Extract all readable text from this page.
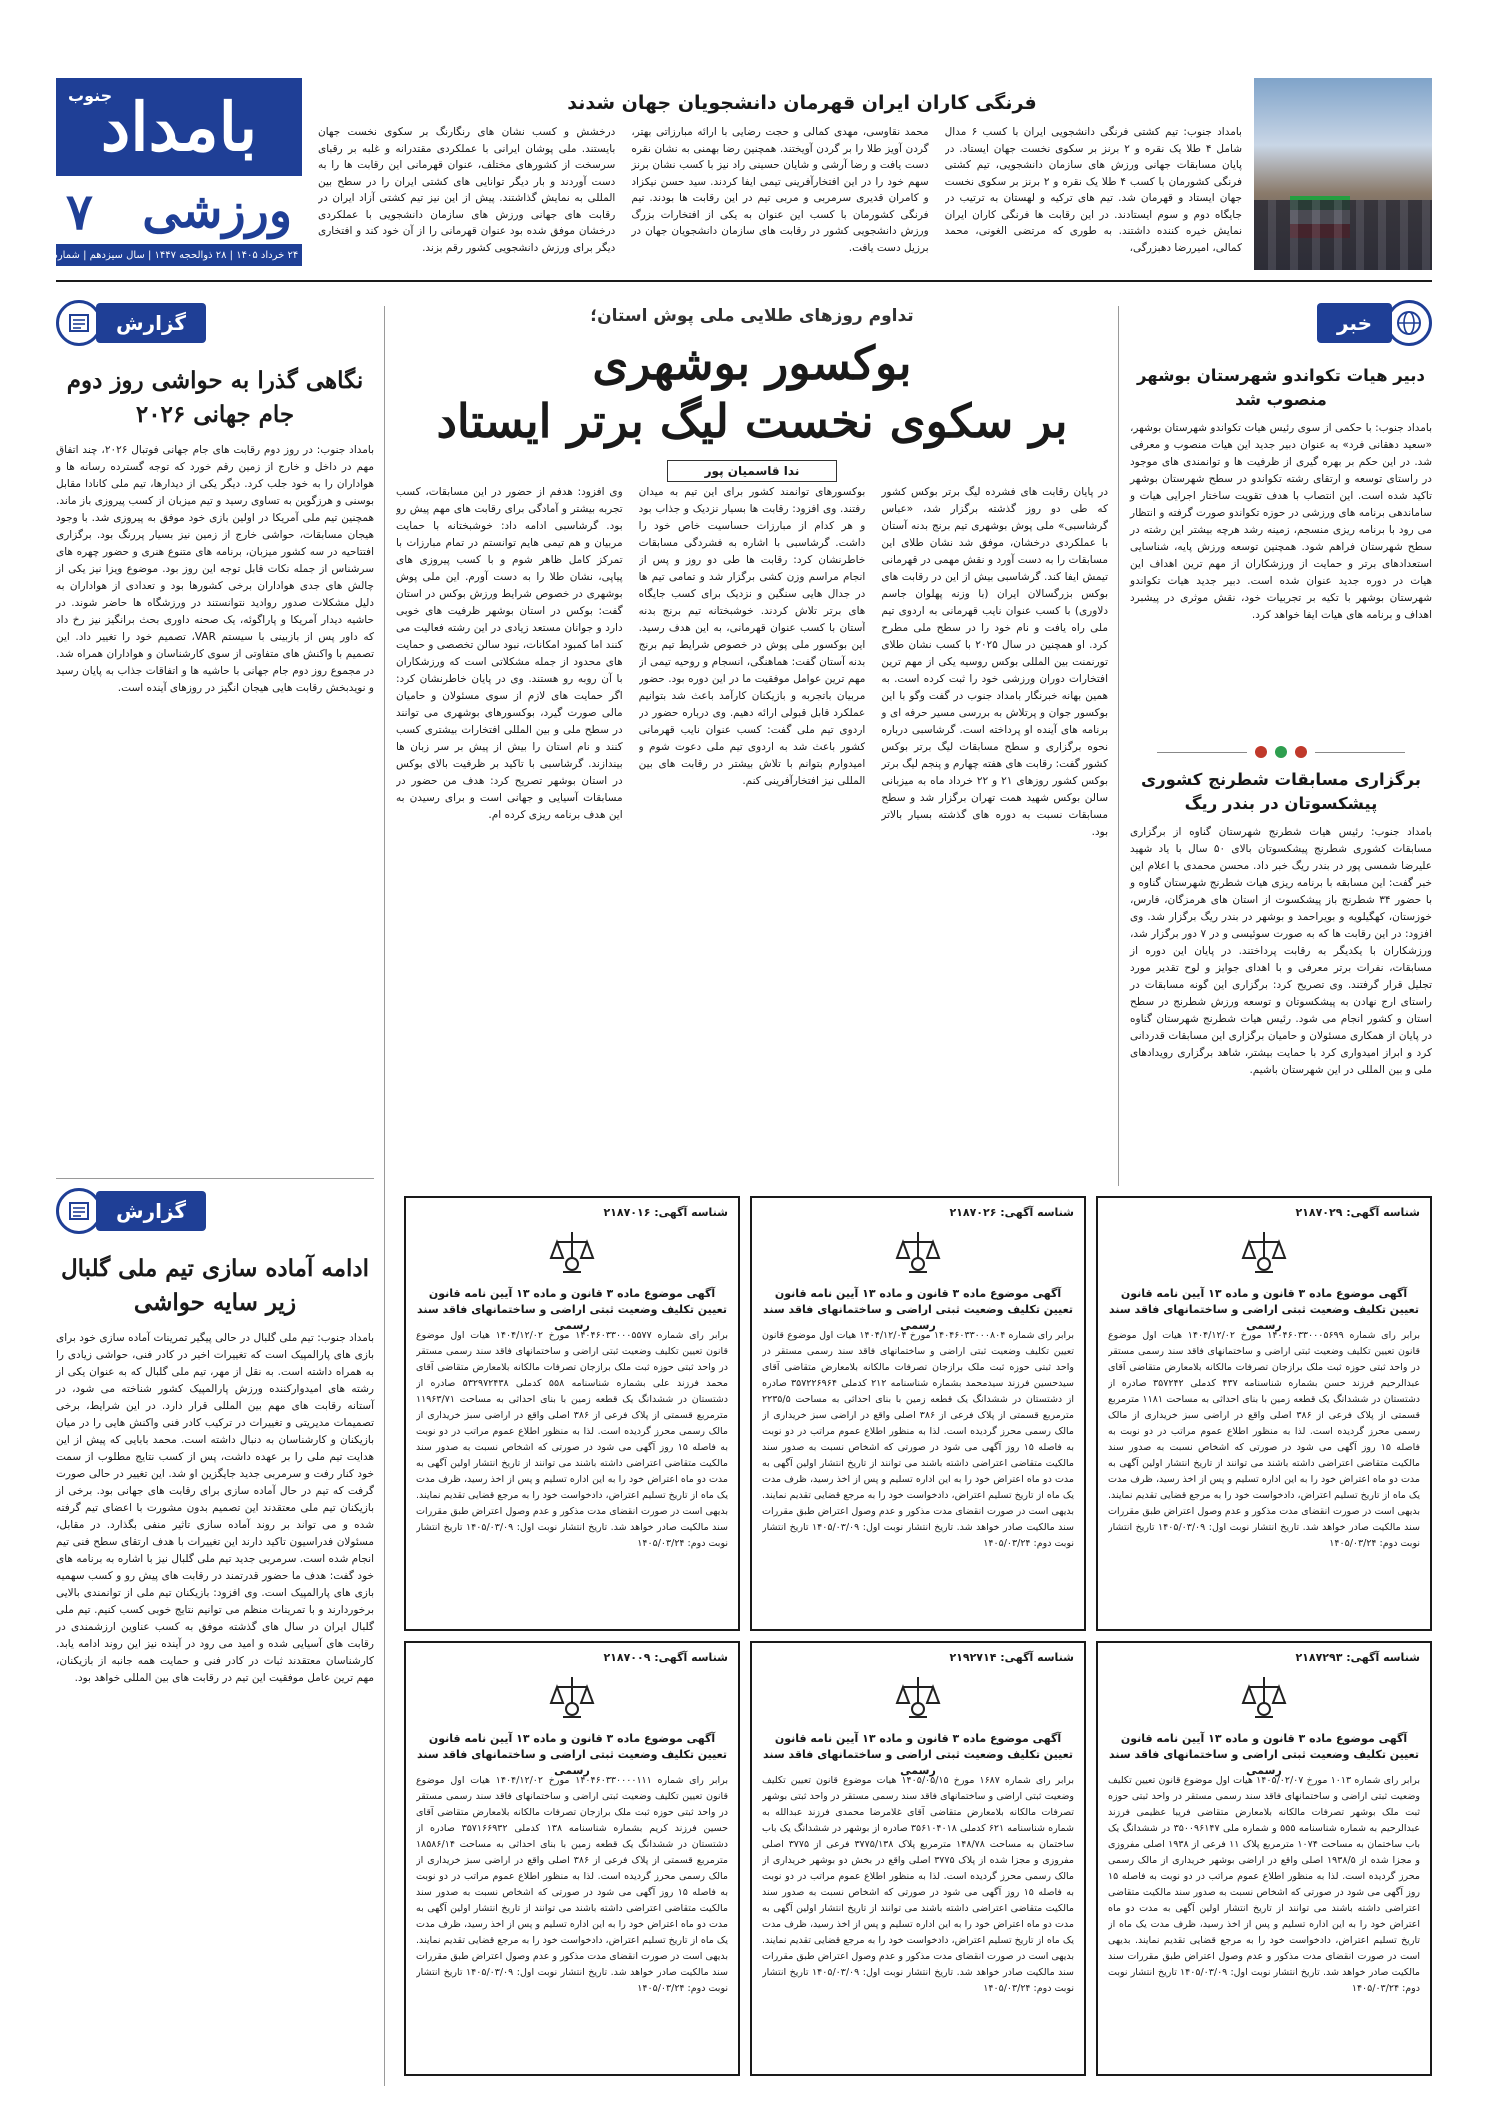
بامداد
جنوب
ورزشی
۷
یکشنبه ۲۴ خرداد ۱۴۰۵ | ۲۸ ذوالحجه ۱۴۴۷ | سال سیزدهم | شماره ۳۰۶۳
فرنگی کاران ایران قهرمان دانشجویان جهان شدند
بامداد جنوب: تیم کشتی فرنگی دانشجویی ایران با کسب ۶ مدال شامل ۴ طلا یک نقره و ۲ برنز بر سکوی نخست جهان ایستاد. در پایان مسابقات جهانی ورزش های سازمان دانشجویی، تیم کشتی فرنگی کشورمان با کسب ۴ طلا یک نقره و ۲ برنز بر سکوی نخست جهان ایستاد و قهرمان شد. تیم های ترکیه و لهستان به ترتیب در جایگاه دوم و سوم ایستادند. در این رقابت ها فرنگی کاران ایران نمایش خیره کننده داشتند. به طوری که مرتضی الغونی، محمد کمالی، امیررضا دهبزرگی،
محمد نقاوسی، مهدی کمالی و حجت رضایی با ارائه مبارزاتی بهتر، گردن آویز طلا را بر گردن آویختند. همچنین رضا بهمنی به نشان نقره دست یافت و رضا آرشی و شایان حسینی راد نیز با کسب نشان برنز سهم خود را در این افتخارآفرینی تیمی ایفا کردند. سید حسن نیکزاد و کامران قدیری سرمربی و مربی تیم در این رقابت ها بودند. تیم فرنگی کشورمان با کسب این عنوان به یکی از افتخارات بزرگ ورزش دانشجویی کشور در رقابت های سازمان دانشجویان جهان در برزیل دست یافت.
درخشش و کسب نشان های رنگارنگ بر سکوی نخست جهان بایستند. ملی پوشان ایرانی با عملکردی مقتدرانه و غلبه بر رقبای سرسخت از کشورهای مختلف، عنوان قهرمانی این رقابت ها را به دست آوردند و بار دیگر توانایی های کشتی ایران را در سطح بین المللی به نمایش گذاشتند. پیش از این نیز تیم کشتی آزاد ایران در رقابت های جهانی ورزش های سازمان دانشجویی با عملکردی درخشان موفق شده بود عنوان قهرمانی را از آن خود کند و افتخاری دیگر برای ورزش دانشجویی کشور رقم بزند.
خبر
دبیر هیات تکواندو شهرستان بوشهر منصوب شد
بامداد جنوب: با حکمی از سوی رئیس هیات تکواندو شهرستان بوشهر، «سعید دهقانی فرد» به عنوان دبیر جدید این هیات منصوب و معرفی شد. در این حکم بر بهره گیری از ظرفیت ها و توانمندی های موجود در راستای توسعه و ارتقای رشته تکواندو در سطح شهرستان بوشهر تاکید شده است. این انتصاب با هدف تقویت ساختار اجرایی هیات و ساماندهی برنامه های ورزشی در حوزه تکواندو صورت گرفته و انتظار می رود با برنامه ریزی منسجم، زمینه رشد هرچه بیشتر این رشته در سطح شهرستان فراهم شود. همچنین توسعه ورزش پایه، شناسایی استعدادهای برتر و حمایت از ورزشکاران از مهم ترین اهداف این هیات در دوره جدید عنوان شده است. دبیر جدید هیات تکواندو شهرستان بوشهر با تکیه بر تجربیات خود، نقش موثری در پیشبرد اهداف و برنامه های هیات ایفا خواهد کرد.
برگزاری مسابقات شطرنج کشوری پیشکسوتان در بندر ریگ
بامداد جنوب: رئیس هیات شطرنج شهرستان گناوه از برگزاری مسابقات کشوری شطرنج پیشکسوتان بالای ۵۰ سال با یاد شهید علیرضا شمسی پور در بندر ریگ خبر داد. محسن محمدی با اعلام این خبر گفت: این مسابقه با برنامه ریزی هیات شطرنج شهرستان گناوه و با حضور ۳۴ شطرنج باز پیشکسوت از استان های هرمزگان، فارس، خوزستان، کهگیلویه و بویراحمد و بوشهر در بندر ریگ برگزار شد. وی افزود: در این رقابت ها که به صورت سوئیسی و در ۷ دور برگزار شد، ورزشکاران با یکدیگر به رقابت پرداختند. در پایان این دوره از مسابقات، نفرات برتر معرفی و با اهدای جوایز و لوح تقدیر مورد تجلیل قرار گرفتند. وی تصریح کرد: برگزاری این گونه مسابقات در راستای ارج نهادن به پیشکسوتان و توسعه ورزش شطرنج در سطح استان و کشور انجام می شود. رئیس هیات شطرنج شهرستان گناوه در پایان از همکاری مسئولان و حامیان برگزاری این مسابقات قدردانی کرد و ابراز امیدواری کرد با حمایت بیشتر، شاهد برگزاری رویدادهای ملی و بین المللی در این شهرستان باشیم.
تداوم روزهای طلایی ملی پوش استان؛
بوکسور بوشهری
بر سکوی نخست لیگ برتر ایستاد
ندا قاسمیان پور
در پایان رقابت های فشرده لیگ برتر بوکس کشور که طی دو روز گذشته برگزار شد، «عباس گرشاسبی» ملی پوش بوشهری تیم برنج بدنه آستان با عملکردی درخشان، موفق شد نشان طلای این مسابقات را به دست آورد و نقش مهمی در قهرمانی تیمش ایفا کند. گرشاسبی بیش از این در رقابت های بوکس بزرگسالان ایران (با وزنه پهلوان جاسم دلاوری) با کسب عنوان نایب قهرمانی به اردوی تیم ملی راه یافت و نام خود را در سطح ملی مطرح کرد. او همچنین در سال ۲۰۲۵ با کسب نشان طلای تورنمنت بین المللی بوکس روسیه یکی از مهم ترین افتخارات دوران ورزشی خود را ثبت کرده است. به همین بهانه خبرنگار بامداد جنوب در گفت وگو با این بوکسور جوان و پرتلاش به بررسی مسیر حرفه ای و برنامه های آینده او پرداخته است. گرشاسبی درباره نحوه برگزاری و سطح مسابقات لیگ برتر بوکس کشور گفت: رقابت های هفته چهارم و پنجم لیگ برتر بوکس کشور روزهای ۲۱ و ۲۲ خرداد ماه به میزبانی سالن بوکس شهید همت تهران برگزار شد و سطح مسابقات نسبت به دوره های گذشته بسیار بالاتر بود.
بوکسورهای توانمند کشور برای این تیم به میدان رفتند. وی افزود: رقابت ها بسیار نزدیک و جذاب بود و هر کدام از مبارزات حساسیت خاص خود را داشت. گرشاسبی با اشاره به فشردگی مسابقات خاطرنشان کرد: رقابت ها طی دو روز و پس از انجام مراسم وزن کشی برگزار شد و تمامی تیم ها در جدال هایی سنگین و نزدیک برای کسب جایگاه های برتر تلاش کردند. خوشبختانه تیم برنج بدنه آستان با کسب عنوان قهرمانی، به این هدف رسید. این بوکسور ملی پوش در خصوص شرایط تیم برنج بدنه آستان گفت: هماهنگی، انسجام و روحیه تیمی از مهم ترین عوامل موفقیت ما در این دوره بود. حضور مربیان باتجربه و بازیکنان کارآمد باعث شد بتوانیم عملکرد قابل قبولی ارائه دهیم. وی درباره حضور در اردوی تیم ملی گفت: کسب عنوان نایب قهرمانی کشور باعث شد به اردوی تیم ملی دعوت شوم و امیدوارم بتوانم با تلاش بیشتر در رقابت های بین المللی نیز افتخارآفرینی کنم.
وی افزود: هدفم از حضور در این مسابقات، کسب تجربه بیشتر و آمادگی برای رقابت های مهم پیش رو بود. گرشاسبی ادامه داد: خوشبختانه با حمایت مربیان و هم تیمی هایم توانستم در تمام مبارزات با تمرکز کامل ظاهر شوم و با کسب پیروزی های پیاپی، نشان طلا را به دست آورم. این ملی پوش بوشهری در خصوص شرایط ورزش بوکس در استان گفت: بوکس در استان بوشهر ظرفیت های خوبی دارد و جوانان مستعد زیادی در این رشته فعالیت می کنند اما کمبود امکانات، نبود سالن تخصصی و حمایت های محدود از جمله مشکلاتی است که ورزشکاران با آن روبه رو هستند. وی در پایان خاطرنشان کرد: اگر حمایت های لازم از سوی مسئولان و حامیان مالی صورت گیرد، بوکسورهای بوشهری می توانند در سطح ملی و بین المللی افتخارات بیشتری کسب کنند و نام استان را بیش از پیش بر سر زبان ها بیندازند. گرشاسبی با تاکید بر ظرفیت بالای بوکس در استان بوشهر تصریح کرد: هدف من حضور در مسابقات آسیایی و جهانی است و برای رسیدن به این هدف برنامه ریزی کرده ام.
گزارش
نگاهی گذرا به حواشی روز دوم جام جهانی ۲۰۲۶
بامداد جنوب: در روز دوم رقابت های جام جهانی فوتبال ۲۰۲۶، چند اتفاق مهم در داخل و خارج از زمین رقم خورد که توجه گسترده رسانه ها و هواداران را به خود جلب کرد. دیگر یکی از دیدارها، تیم ملی کانادا مقابل بوسنی و هرزگوین به تساوی رسید و تیم میزبان از کسب پیروزی باز ماند. همچنین تیم ملی آمریکا در اولین بازی خود موفق به پیروزی شد. با وجود هیجان مسابقات، حواشی خارج از زمین نیز بسیار پررنگ بود. برگزاری افتتاحیه در سه کشور میزبان، برنامه های متنوع هنری و حضور چهره های سرشناس از جمله نکات قابل توجه این روز بود. موضوع ویزا نیز یکی از چالش های جدی هواداران برخی کشورها بود و تعدادی از هواداران به دلیل مشکلات صدور روادید نتوانستند در ورزشگاه ها حاضر شوند. در حاشیه دیدار آمریکا و پاراگوئه، یک صحنه داوری بحث برانگیز نیز رخ داد که داور پس از بازبینی با سیستم VAR، تصمیم خود را تغییر داد. این تصمیم با واکنش های متفاوتی از سوی کارشناسان و هواداران همراه شد. در مجموع روز دوم جام جهانی با حاشیه ها و اتفاقات جذاب به پایان رسید و نویدبخش رقابت هایی هیجان انگیز در روزهای آینده است.
گزارش
ادامه آماده سازی تیم ملی گلبال زیر سایه حواشی
بامداد جنوب: تیم ملی گلبال در حالی پیگیر تمرینات آماده سازی خود برای بازی های پارالمپیک است که تغییرات اخیر در کادر فنی، حواشی زیادی را به همراه داشته است. به نقل از مهر، تیم ملی گلبال که به عنوان یکی از رشته های امیدوارکننده ورزش پارالمپیک کشور شناخته می شود، در آستانه رقابت های مهم بین المللی قرار دارد. در این شرایط، برخی تصمیمات مدیریتی و تغییرات در ترکیب کادر فنی واکنش هایی را در میان بازیکنان و کارشناسان به دنبال داشته است. محمد بابایی که پیش از این هدایت تیم ملی را بر عهده داشت، پس از کسب نتایج مطلوب از سمت خود کنار رفت و سرمربی جدید جایگزین او شد. این تغییر در حالی صورت گرفت که تیم در حال آماده سازی برای رقابت های جهانی بود. برخی از بازیکنان تیم ملی معتقدند این تصمیم بدون مشورت با اعضای تیم گرفته شده و می تواند بر روند آماده سازی تاثیر منفی بگذارد. در مقابل، مسئولان فدراسیون تاکید دارند این تغییرات با هدف ارتقای سطح فنی تیم انجام شده است. سرمربی جدید تیم ملی گلبال نیز با اشاره به برنامه های خود گفت: هدف ما حضور قدرتمند در رقابت های پیش رو و کسب سهمیه بازی های پارالمپیک است. وی افزود: بازیکنان تیم ملی از توانمندی بالایی برخوردارند و با تمرینات منظم می توانیم نتایج خوبی کسب کنیم. تیم ملی گلبال ایران در سال های گذشته موفق به کسب عناوین ارزشمندی در رقابت های آسیایی شده و امید می رود در آینده نیز این روند ادامه یابد. کارشناسان معتقدند ثبات در کادر فنی و حمایت همه جانبه از بازیکنان، مهم ترین عامل موفقیت این تیم در رقابت های بین المللی خواهد بود.
شناسه آگهی: ۲۱۸۷۰۲۹
آگهی موضوع ماده ۳ قانون و ماده ۱۳ آیین نامه قانون تعیین تکلیف وضعیت ثبتی اراضی و ساختمانهای فاقد سند رسمی
برابر رای شماره ۱۴۰۴۶۰۳۳۰۰۰۵۶۹۹ مورخ ۱۴۰۴/۱۲/۰۲ هیات اول موضوع قانون تعیین تکلیف وضعیت ثبتی اراضی و ساختمانهای فاقد سند رسمی مستقر در واحد ثبتی حوزه ثبت ملک برازجان تصرفات مالکانه بلامعارض متقاضی آقای عبدالرحیم فرزند حسن بشماره شناسنامه ۴۳۷ کدملی ۳۵۷۲۴۲ صادره از دشتستان در ششدانگ یک قطعه زمین با بنای احداثی به مساحت ۱۱۸۱ مترمربع قسمتی از پلاک فرعی از ۳۸۶ اصلی واقع در اراضی سبز خریداری از مالک رسمی محرز گردیده است. لذا به منظور اطلاع عموم مراتب در دو نوبت به فاصله ۱۵ روز آگهی می شود در صورتی که اشخاص نسبت به صدور سند مالکیت متقاضی اعتراضی داشته باشند می توانند از تاریخ انتشار اولین آگهی به مدت دو ماه اعتراض خود را به این اداره تسلیم و پس از اخذ رسید، ظرف مدت یک ماه از تاریخ تسلیم اعتراض، دادخواست خود را به مرجع قضایی تقدیم نمایند. بدیهی است در صورت انقضای مدت مذکور و عدم وصول اعتراض طبق مقررات سند مالکیت صادر خواهد شد. تاریخ انتشار نوبت اول: ۱۴۰۵/۰۳/۰۹ تاریخ انتشار نوبت دوم: ۱۴۰۵/۰۳/۲۴
شناسه آگهی: ۲۱۸۷۰۲۶
آگهی موضوع ماده ۳ قانون و ماده ۱۳ آیین نامه قانون تعیین تکلیف وضعیت ثبتی اراضی و ساختمانهای فاقد سند رسمی
برابر رای شماره ۱۴۰۴۶۰۳۳۰۰۰۸۰۴ مورخ ۱۴۰۴/۱۲/۰۴ هیات اول موضوع قانون تعیین تکلیف وضعیت ثبتی اراضی و ساختمانهای فاقد سند رسمی مستقر در واحد ثبتی حوزه ثبت ملک برازجان تصرفات مالکانه بلامعارض متقاضی آقای سیدحسین فرزند سیدمحمد بشماره شناسنامه ۲۱۲ کدملی ۳۵۷۲۲۶۹۶۴ صادره از دشتستان در ششدانگ یک قطعه زمین با بنای احداثی به مساحت ۲۲۳۵/۵ مترمربع قسمتی از پلاک فرعی از ۳۸۶ اصلی واقع در اراضی سبز خریداری از مالک رسمی محرز گردیده است. لذا به منظور اطلاع عموم مراتب در دو نوبت به فاصله ۱۵ روز آگهی می شود در صورتی که اشخاص نسبت به صدور سند مالکیت متقاضی اعتراضی داشته باشند می توانند از تاریخ انتشار اولین آگهی به مدت دو ماه اعتراض خود را به این اداره تسلیم و پس از اخذ رسید، ظرف مدت یک ماه از تاریخ تسلیم اعتراض، دادخواست خود را به مرجع قضایی تقدیم نمایند. بدیهی است در صورت انقضای مدت مذکور و عدم وصول اعتراض طبق مقررات سند مالکیت صادر خواهد شد. تاریخ انتشار نوبت اول: ۱۴۰۵/۰۳/۰۹ تاریخ انتشار نوبت دوم: ۱۴۰۵/۰۳/۲۴
شناسه آگهی: ۲۱۸۷۰۱۶
آگهی موضوع ماده ۳ قانون و ماده ۱۳ آیین نامه قانون تعیین تکلیف وضعیت ثبتی اراضی و ساختمانهای فاقد سند رسمی
برابر رای شماره ۱۴۰۴۶۰۳۳۰۰۰۵۵۷۷ مورخ ۱۴۰۴/۱۲/۰۲ هیات اول موضوع قانون تعیین تکلیف وضعیت ثبتی اراضی و ساختمانهای فاقد سند رسمی مستقر در واحد ثبتی حوزه ثبت ملک برازجان تصرفات مالکانه بلامعارض متقاضی آقای محمد فرزند علی بشماره شناسنامه ۵۵۸ کدملی ۵۳۲۹۷۲۴۳۸ صادره از دشتستان در ششدانگ یک قطعه زمین با بنای احداثی به مساحت ۱۱۹۶۳/۷۱ مترمربع قسمتی از پلاک فرعی از ۳۸۶ اصلی واقع در اراضی سبز خریداری از مالک رسمی محرز گردیده است. لذا به منظور اطلاع عموم مراتب در دو نوبت به فاصله ۱۵ روز آگهی می شود در صورتی که اشخاص نسبت به صدور سند مالکیت متقاضی اعتراضی داشته باشند می توانند از تاریخ انتشار اولین آگهی به مدت دو ماه اعتراض خود را به این اداره تسلیم و پس از اخذ رسید، ظرف مدت یک ماه از تاریخ تسلیم اعتراض، دادخواست خود را به مرجع قضایی تقدیم نمایند. بدیهی است در صورت انقضای مدت مذکور و عدم وصول اعتراض طبق مقررات سند مالکیت صادر خواهد شد. تاریخ انتشار نوبت اول: ۱۴۰۵/۰۳/۰۹ تاریخ انتشار نوبت دوم: ۱۴۰۵/۰۳/۲۴
شناسه آگهی: ۲۱۸۷۲۹۳
آگهی موضوع ماده ۳ قانون و ماده ۱۳ آیین نامه قانون تعیین تکلیف وضعیت ثبتی اراضی و ساختمانهای فاقد سند رسمی
برابر رای شماره ۱۰۱۳ مورخ ۱۴۰۵/۰۲/۰۷ هیات اول موضوع قانون تعیین تکلیف وضعیت ثبتی اراضی و ساختمانهای فاقد سند رسمی مستقر در واحد ثبتی حوزه ثبت ملک بوشهر تصرفات مالکانه بلامعارض متقاضی فریبا عظیمی فرزند عبدالرحیم به شماره شناسنامه ۵۵۵ و شماره ملی ۳۵۰۰۹۶۱۴۷ در ششدانگ یک باب ساختمان به مساحت ۱۰۷۴ مترمربع پلاک ۱۱ فرعی از ۱۹۳۸ اصلی مفروزی و مجزا شده از ۱۹۳۸/۵ اصلی واقع در اراضی بوشهر خریداری از مالک رسمی محرز گردیده است. لذا به منظور اطلاع عموم مراتب در دو نوبت به فاصله ۱۵ روز آگهی می شود در صورتی که اشخاص نسبت به صدور سند مالکیت متقاضی اعتراضی داشته باشند می توانند از تاریخ انتشار اولین آگهی به مدت دو ماه اعتراض خود را به این اداره تسلیم و پس از اخذ رسید، ظرف مدت یک ماه از تاریخ تسلیم اعتراض، دادخواست خود را به مرجع قضایی تقدیم نمایند. بدیهی است در صورت انقضای مدت مذکور و عدم وصول اعتراض طبق مقررات سند مالکیت صادر خواهد شد. تاریخ انتشار نوبت اول: ۱۴۰۵/۰۳/۰۹ تاریخ انتشار نوبت دوم: ۱۴۰۵/۰۳/۲۴
شناسه آگهی: ۲۱۹۲۷۱۴
آگهی موضوع ماده ۳ قانون و ماده ۱۳ آیین نامه قانون تعیین تکلیف وضعیت ثبتی اراضی و ساختمانهای فاقد سند رسمی
برابر رای شماره ۱۶۸۷ مورخ ۱۴۰۵/۰۵/۱۵ هیات موضوع قانون تعیین تکلیف وضعیت ثبتی اراضی و ساختمانهای فاقد سند رسمی مستقر در واحد ثبتی بوشهر تصرفات مالکانه بلامعارض متقاضی آقای غلامرضا محمدی فرزند عبدالله به شماره شناسنامه ۶۲۱ کدملی ۳۵۶۱۰۴۰۱۸ صادره از بوشهر در ششدانگ یک باب ساختمان به مساحت ۱۴۸/۷۸ مترمربع پلاک ۳۷۷۵/۱۳۸ فرعی از ۳۷۷۵ اصلی مفروزی و مجزا شده از پلاک ۳۷۷۵ اصلی واقع در بخش دو بوشهر خریداری از مالک رسمی محرز گردیده است. لذا به منظور اطلاع عموم مراتب در دو نوبت به فاصله ۱۵ روز آگهی می شود در صورتی که اشخاص نسبت به صدور سند مالکیت متقاضی اعتراضی داشته باشند می توانند از تاریخ انتشار اولین آگهی به مدت دو ماه اعتراض خود را به این اداره تسلیم و پس از اخذ رسید، ظرف مدت یک ماه از تاریخ تسلیم اعتراض، دادخواست خود را به مرجع قضایی تقدیم نمایند. بدیهی است در صورت انقضای مدت مذکور و عدم وصول اعتراض طبق مقررات سند مالکیت صادر خواهد شد. تاریخ انتشار نوبت اول: ۱۴۰۵/۰۳/۰۹ تاریخ انتشار نوبت دوم: ۱۴۰۵/۰۳/۲۴
شناسه آگهی: ۲۱۸۷۰۰۹
آگهی موضوع ماده ۳ قانون و ماده ۱۳ آیین نامه قانون تعیین تکلیف وضعیت ثبتی اراضی و ساختمانهای فاقد سند رسمی
برابر رای شماره ۱۴۰۴۶۰۳۳۰۰۰۰۱۱۱ مورخ ۱۴۰۴/۱۲/۰۲ هیات اول موضوع قانون تعیین تکلیف وضعیت ثبتی اراضی و ساختمانهای فاقد سند رسمی مستقر در واحد ثبتی حوزه ثبت ملک برازجان تصرفات مالکانه بلامعارض متقاضی آقای حسین فرزند کریم بشماره شناسنامه ۱۳۸ کدملی ۳۵۷۱۶۶۹۳۲ صادره از دشتستان در ششدانگ یک قطعه زمین با بنای احداثی به مساحت ۱۸۵۸۶/۱۴ مترمربع قسمتی از پلاک فرعی از ۳۸۶ اصلی واقع در اراضی سبز خریداری از مالک رسمی محرز گردیده است. لذا به منظور اطلاع عموم مراتب در دو نوبت به فاصله ۱۵ روز آگهی می شود در صورتی که اشخاص نسبت به صدور سند مالکیت متقاضی اعتراضی داشته باشند می توانند از تاریخ انتشار اولین آگهی به مدت دو ماه اعتراض خود را به این اداره تسلیم و پس از اخذ رسید، ظرف مدت یک ماه از تاریخ تسلیم اعتراض، دادخواست خود را به مرجع قضایی تقدیم نمایند. بدیهی است در صورت انقضای مدت مذکور و عدم وصول اعتراض طبق مقررات سند مالکیت صادر خواهد شد. تاریخ انتشار نوبت اول: ۱۴۰۵/۰۳/۰۹ تاریخ انتشار نوبت دوم: ۱۴۰۵/۰۳/۲۴
